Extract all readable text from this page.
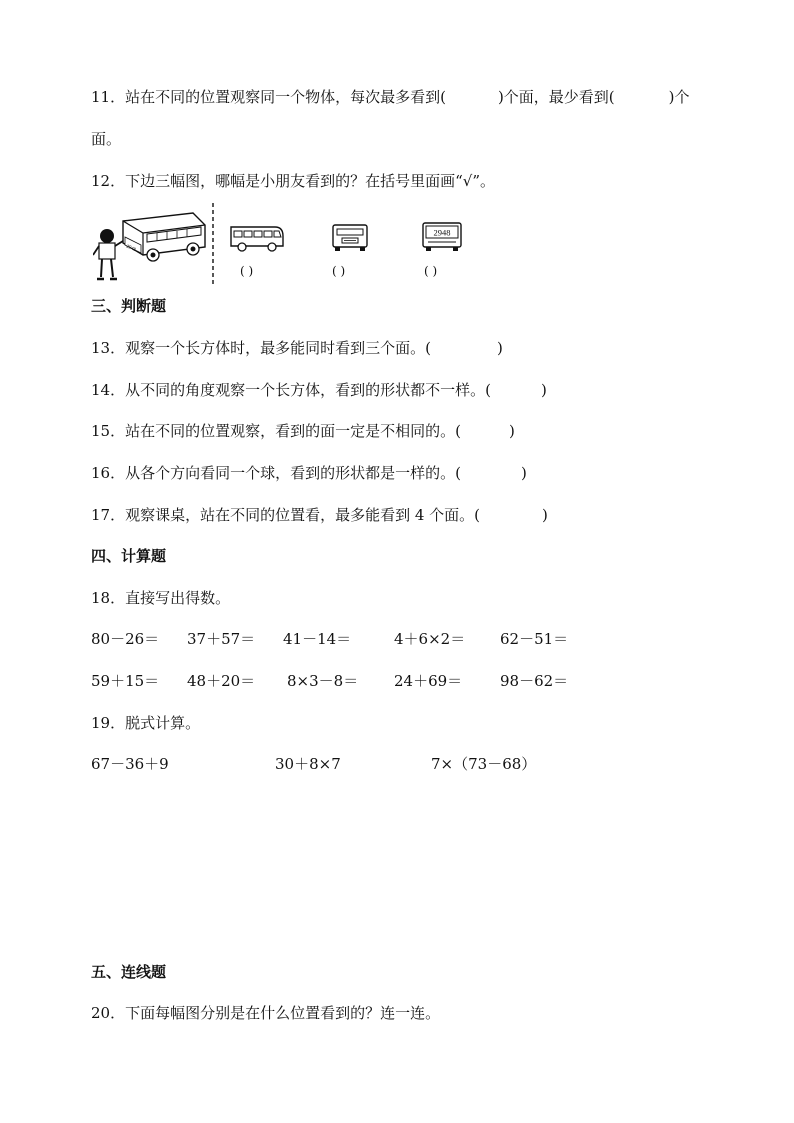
11．站在不同的位置观察同一个物体，每次最多看到(	)个面，最少看到(	)个
面。
12．下边三幅图，哪幅是小朋友看到的？在括号里面画“√”。
2948
( )	( )
2948
( )
三、判断题
13．观察一个长方体时，最多能同时看到三个面。(	)
14．从不同的角度观察一个长方体，看到的形状都不一样。(	)
15．站在不同的位置观察，看到的面一定是不相同的。(	)
16．从各个方向看同一个球，看到的形状都是一样的。(	)
17．观察课桌，站在不同的位置看，最多能看到 4 个面。(	)
四、计算题
18．直接写出得数。
80－26＝ 37＋57＝ 41－14＝	4＋6×2＝ 62－51＝
59＋15＝ 48＋20＝ 8×3－8＝ 24＋69＝	98－62＝
19．脱式计算。
67－36＋9	30＋8×7	7×（73－68）
五、连线题
20．下面每幅图分别是在什么位置看到的？连一连。
